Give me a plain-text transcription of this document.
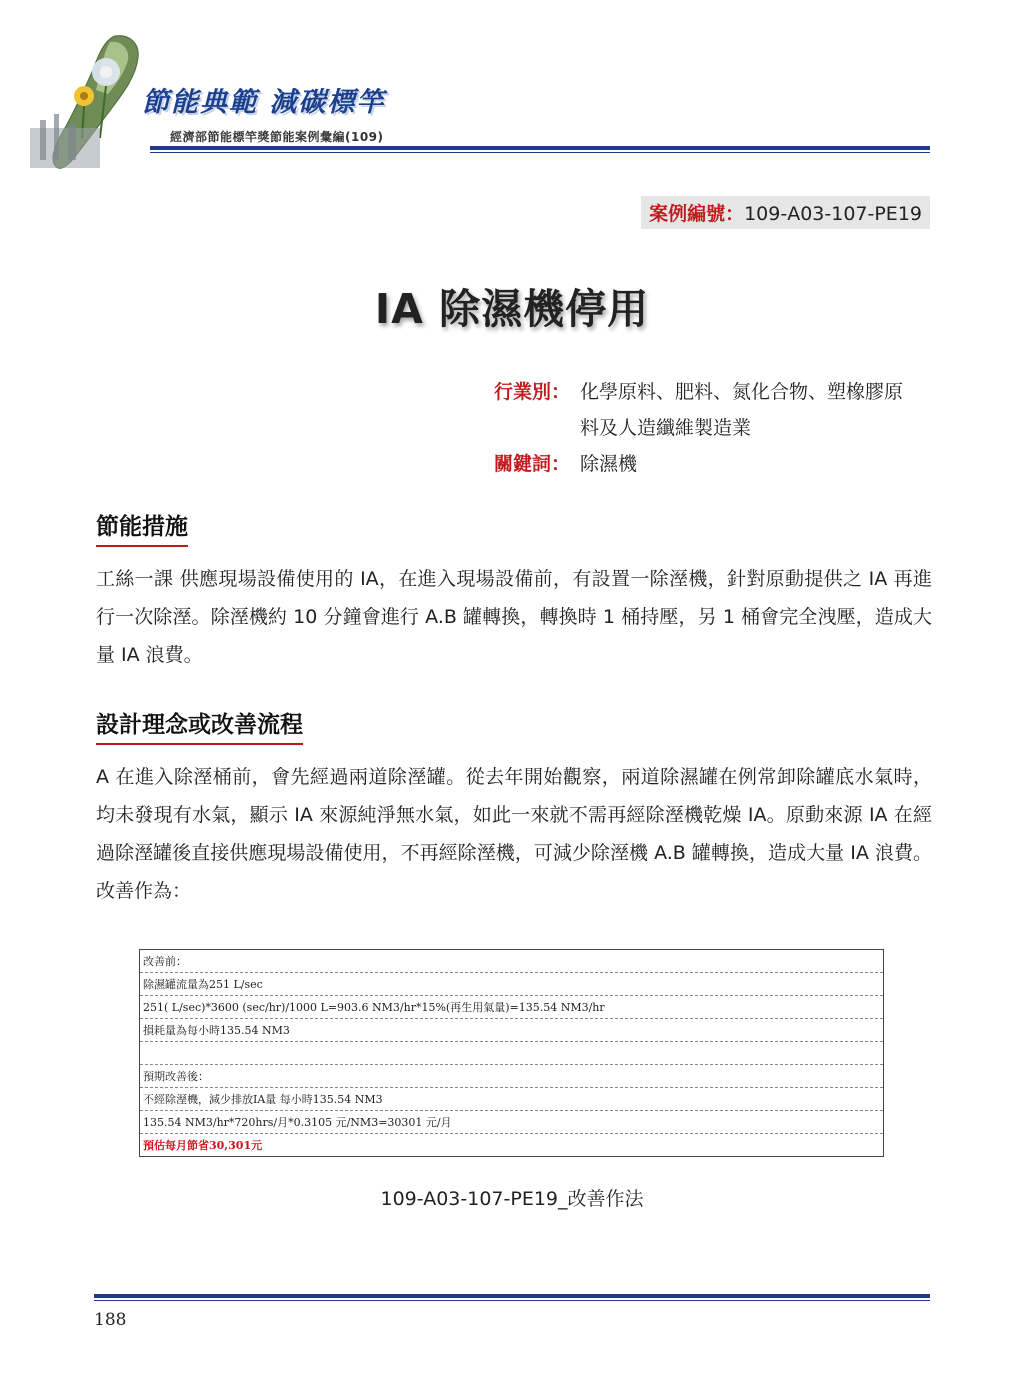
節能典範 減碳標竿
經濟部節能標竿獎節能案例彙編(109)
案例編號：109-A03-107-PE19
IA 除濕機停用
行業別： 化學原料、肥料、氮化合物、塑橡膠原料及人造纖維製造業
關鍵詞： 除濕機
節能措施
工絲一課 供應現場設備使用的 IA，在進入現場設備前，有設置一除溼機，針對原動提供之 IA 再進行一次除溼。除溼機約 10 分鐘會進行 A.B 罐轉換，轉換時 1 桶持壓，另 1 桶會完全洩壓，造成大量 IA 浪費。
設計理念或改善流程
A 在進入除溼桶前，會先經過兩道除溼罐。從去年開始觀察，兩道除濕罐在例常卸除罐底水氣時，均未發現有水氣，顯示 IA 來源純淨無水氣，如此一來就不需再經除溼機乾燥 IA。原動來源 IA 在經過除溼罐後直接供應現場設備使用，不再經除溼機，可減少除溼機 A.B 罐轉換，造成大量 IA 浪費。改善作為：
改善前：
除濕罐流量為251 L/sec
251( L/sec)*3600 (sec/hr)/1000 L=903.6 NM3/hr*15%(再生用氣量)=135.54 NM3/hr
損耗量為每小時135.54 NM3

預期改善後：
不經除溼機，減少排放IA量 每小時135.54 NM3
135.54 NM3/hr*720hrs/月*0.3105 元/NM3=30301 元/月
預估每月節省30,301元
109-A03-107-PE19_改善作法
188
